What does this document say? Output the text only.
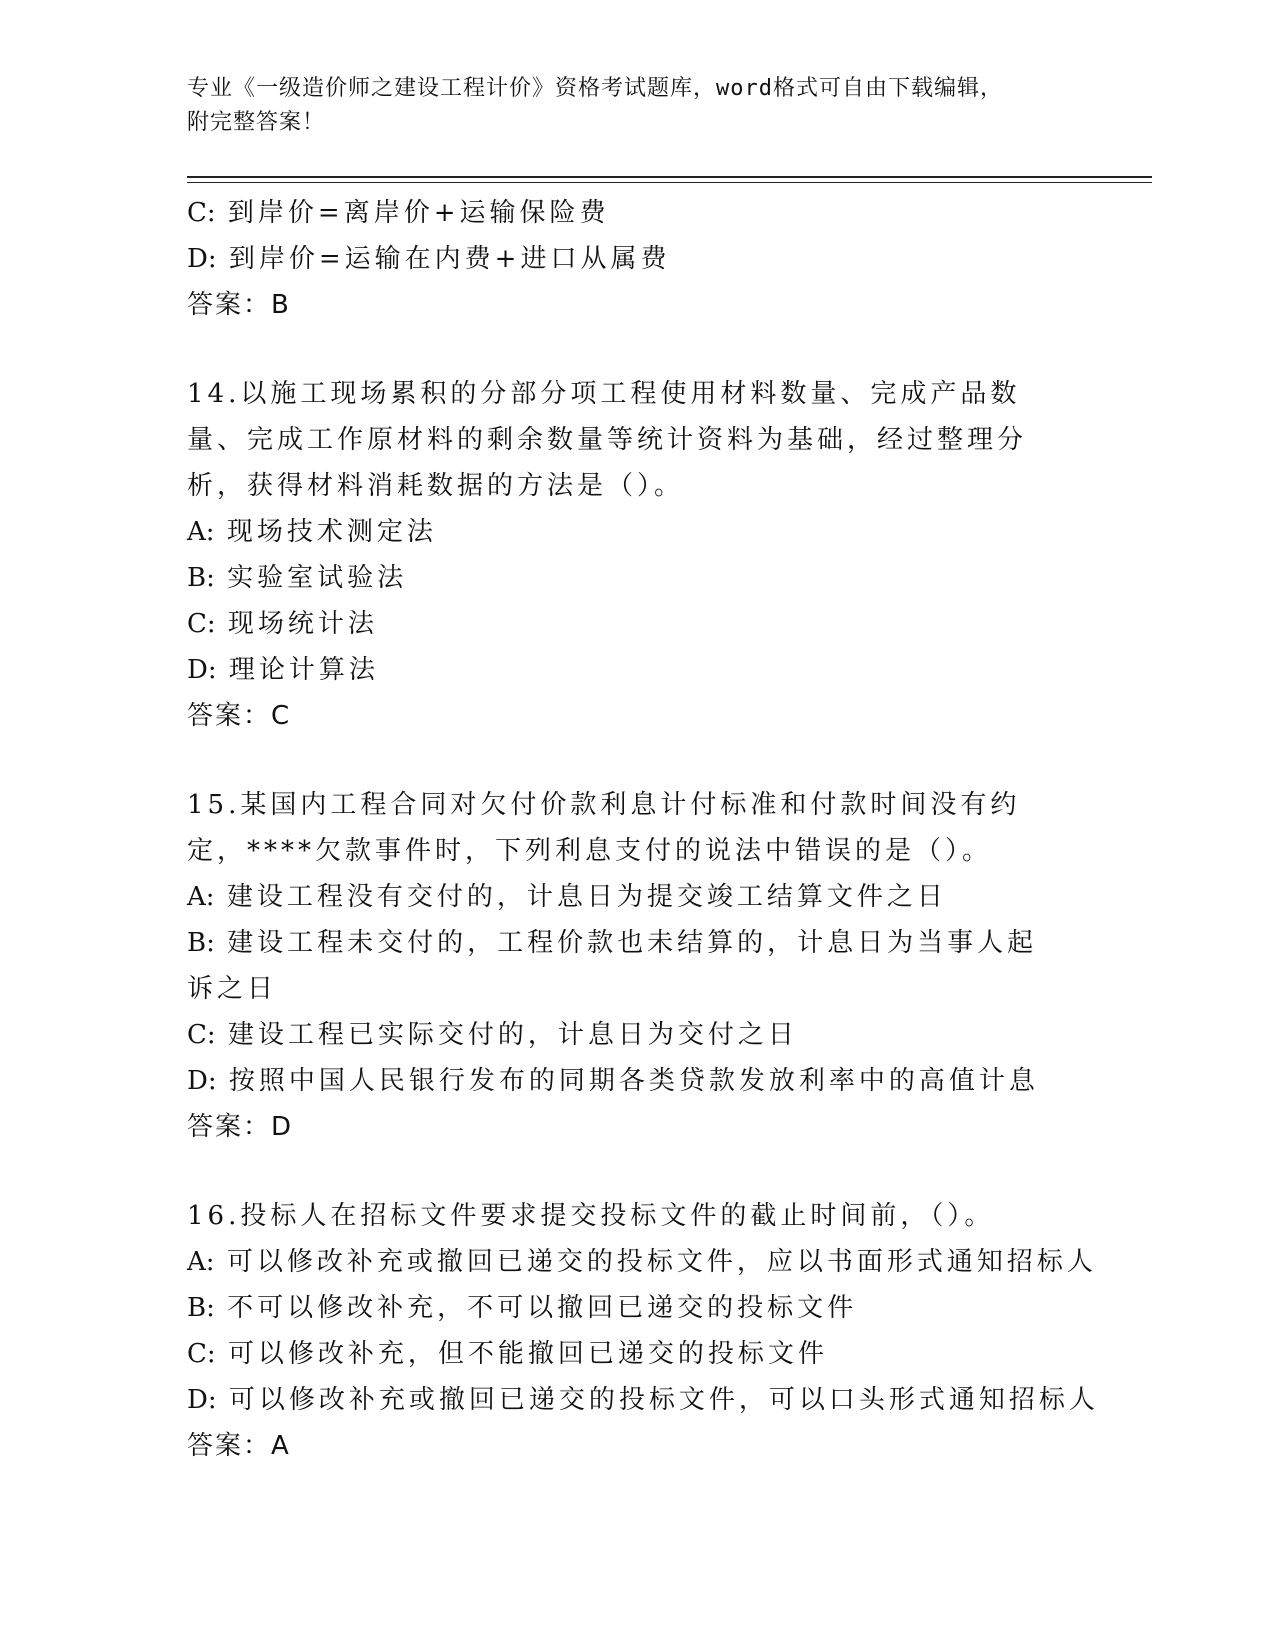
专业《一级造价师之建设工程计价》资格考试题库，word格式可自由下载编辑，
附完整答案！
C: 到岸价=离岸价+运输保险费
D: 到岸价=运输在内费+进口从属费
答案：B
14.以施工现场累积的分部分项工程使用材料数量、完成产品数量、完成工作原材料的剩余数量等统计资料为基础，经过整理分析，获得材料消耗数据的方法是（）。
A: 现场技术测定法
B: 实验室试验法
C: 现场统计法
D: 理论计算法
答案：C
15.某国内工程合同对欠付价款利息计付标准和付款时间没有约定，****欠款事件时，下列利息支付的说法中错误的是（）。
A: 建设工程没有交付的，计息日为提交竣工结算文件之日
B: 建设工程未交付的，工程价款也未结算的，计息日为当事人起诉之日
C: 建设工程已实际交付的，计息日为交付之日
D: 按照中国人民银行发布的同期各类贷款发放利率中的高值计息
答案：D
16.投标人在招标文件要求提交投标文件的截止时间前，（）。
A: 可以修改补充或撤回已递交的投标文件，应以书面形式通知招标人
B: 不可以修改补充，不可以撤回已递交的投标文件
C: 可以修改补充，但不能撤回已递交的投标文件
D: 可以修改补充或撤回已递交的投标文件，可以口头形式通知招标人
答案：A
